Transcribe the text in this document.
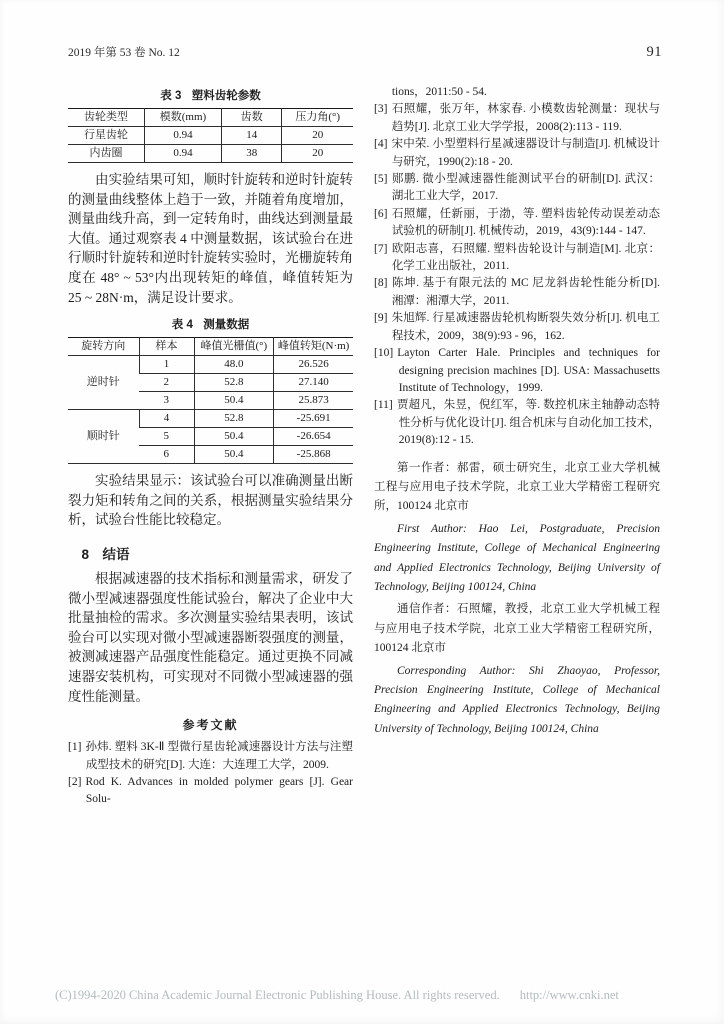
2019 年第 53 卷 No. 12	91
表 3 塑料齿轮参数
齿轮类型	模数(mm)	齿数	压力角(°)
行星齿轮	0.94	14	20
内齿圈	0.94	38	20

由实验结果可知，顺时针旋转和逆时针旋转的测量曲线整体上趋于一致，并随着角度增加，测量曲线升高，到一定转角时，曲线达到测量最大值。通过观察表 4 中测量数据，该试验台在进行顺时针旋转和逆时针旋转实验时，光栅旋转角度在 48° ~ 53°内出现转矩的峰值，峰值转矩为 25 ~ 28N·m，满足设计要求。

表 4 测量数据
旋转方向	样本	峰值光栅值(°)	峰值转矩(N·m)
逆时针	1	48.0	26.526
	2	52.8	27.140
	3	50.4	25.873
顺时针	4	52.8	-25.691
	5	50.4	-26.654
	6	50.4	-25.868

实验结果显示：该试验台可以准确测量出断裂力矩和转角之间的关系，根据测量实验结果分析，试验台性能比较稳定。

8 结语

根据减速器的技术指标和测量需求，研发了微小型减速器强度性能试验台，解决了企业中大批量抽检的需求。多次测量实验结果表明，该试验台可以实现对微小型减速器断裂强度的测量，被测减速器产品强度性能稳定。通过更换不同减速器安装机构，可实现对不同微小型减速器的强度性能测量。

参考文献
[1] 孙炜. 塑料 3K-Ⅱ 型微行星齿轮减速器设计方法与注塑成型技术的研究[D]. 大连：大连理工大学，2009.
[2] Rod K. Advances in molded polymer gears [J]. Gear Solu-
tions，2011:50 - 54.
[3] 石照耀，张万年，林家春. 小模数齿轮测量：现状与趋势[J]. 北京工业大学学报，2008(2):113 - 119.
[4] 宋中荣. 小型塑料行星减速器设计与制造[J]. 机械设计与研究，1990(2):18 - 20.
[5] 郧鹏. 微小型减速器性能测试平台的研制[D]. 武汉：湖北工业大学，2017.
[6] 石照耀，任新丽，于渤，等. 塑料齿轮传动误差动态试验机的研制[J]. 机械传动，2019，43(9):144 - 147.
[7] 欧阳志喜，石照耀. 塑料齿轮设计与制造[M]. 北京：化学工业出版社，2011.
[8] 陈坤. 基于有限元法的 MC 尼龙斜齿轮性能分析[D]. 湘潭：湘潭大学，2011.
[9] 朱旭辉. 行星减速器齿轮机构断裂失效分析[J]. 机电工程技术，2009，38(9):93 - 96，162.
[10] Layton Carter Hale. Principles and techniques for designing precision machines [D]. USA: Massachusetts Institute of Technology，1999.
[11] 贾超凡，朱昱，倪红军，等. 数控机床主轴静动态特性分析与优化设计[J]. 组合机床与自动化加工技术，2019(8):12 - 15.

第一作者：郝雷，硕士研究生，北京工业大学机械工程与应用电子技术学院，北京工业大学精密工程研究所，100124 北京市

First Author: Hao Lei, Postgraduate, Precision Engineering Institute, College of Mechanical Engineering and Applied Electronics Technology, Beijing University of Technology, Beijing 100124, China

通信作者：石照耀，教授，北京工业大学机械工程与应用电子技术学院，北京工业大学精密工程研究所，100124 北京市

Corresponding Author: Shi Zhaoyao, Professor, Precision Engineering Institute, College of Mechanical Engineering and Applied Electronics Technology, Beijing University of Technology, Beijing 100124, China

(C)1994-2020 China Academic Journal Electronic Publishing House. All rights reserved. http://www.cnki.net
